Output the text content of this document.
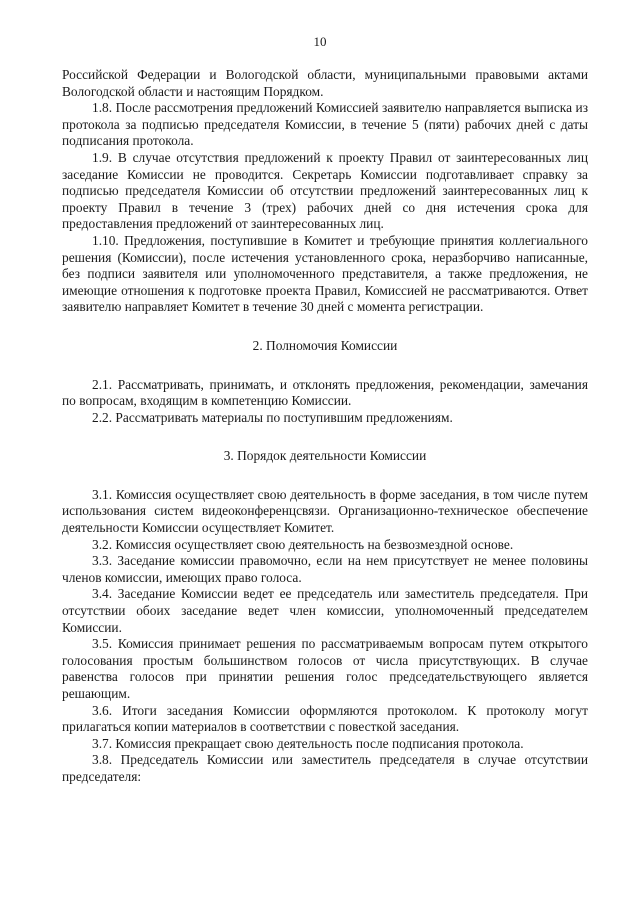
10

Российской Федерации и Вологодской области, муниципальными правовыми актами Вологодской области и настоящим Порядком.

1.8. После рассмотрения предложений Комиссией заявителю направляется выписка из протокола за подписью председателя Комиссии, в течение 5 (пяти) рабочих дней с даты подписания протокола.

1.9. В случае отсутствия предложений к проекту Правил от заинтересованных лиц заседание Комиссии не проводится. Секретарь Комиссии подготавливает справку за подписью председателя Комиссии об отсутствии предложений заинтересованных лиц к проекту Правил в течение 3 (трех) рабочих дней со дня истечения срока для предоставления предложений от заинтересованных лиц.

1.10. Предложения, поступившие в Комитет и требующие принятия коллегиального решения (Комиссии), после истечения установленного срока, неразборчиво написанные, без подписи заявителя или уполномоченного представителя, а также предложения, не имеющие отношения к подготовке проекта Правил, Комиссией не рассматриваются. Ответ заявителю направляет Комитет в течение 30 дней с момента регистрации.

2. Полномочия Комиссии

2.1. Рассматривать, принимать, и отклонять предложения, рекомендации, замечания по вопросам, входящим в компетенцию Комиссии.

2.2. Рассматривать материалы по поступившим предложениям.

3. Порядок деятельности Комиссии

3.1. Комиссия осуществляет свою деятельность в форме заседания, в том числе путем использования систем видеоконференцсвязи. Организационно-техническое обеспечение деятельности Комиссии осуществляет Комитет.

3.2. Комиссия осуществляет свою деятельность на безвозмездной основе.

3.3. Заседание комиссии правомочно, если на нем присутствует не менее половины членов комиссии, имеющих право голоса.

3.4. Заседание Комиссии ведет ее председатель или заместитель председателя. При отсутствии обоих заседание ведет член комиссии, уполномоченный председателем Комиссии.

3.5. Комиссия принимает решения по рассматриваемым вопросам путем открытого голосования простым большинством голосов от числа присутствующих. В случае равенства голосов при принятии решения голос председательствующего является решающим.

3.6. Итоги заседания Комиссии оформляются протоколом. К протоколу могут прилагаться копии материалов в соответствии с повесткой заседания.

3.7. Комиссия прекращает свою деятельность после подписания протокола.

3.8. Председатель Комиссии или заместитель председателя в случае отсутствии председателя:
